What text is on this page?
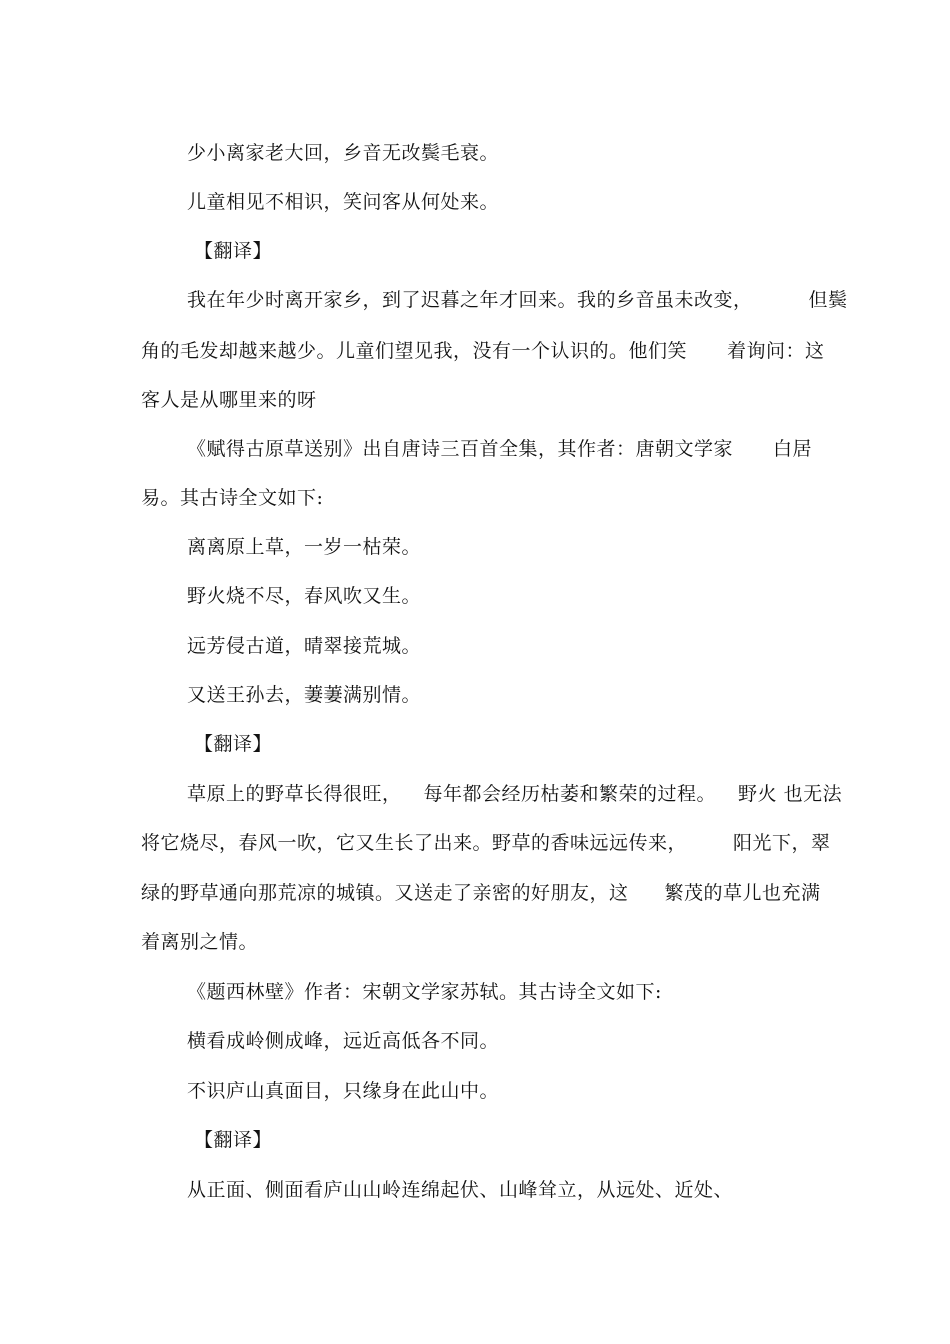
少小离家老大回，乡音无改鬓毛衰。
儿童相见不相识，笑问客从何处来。
【翻译】
我在年少时离开家乡，到了迟暮之年才回来。我的乡音虽未改变，	但鬓
角的毛发却越来越少。儿童们望见我，没有一个认识的。他们笑 着询问：这
客人是从哪里来的呀
《赋得古原草送别》出自唐诗三百首全集，其作者：唐朝文学家 白居
易。其古诗全文如下:
离离原上草，一岁一枯荣。
野火烧不尽，春风吹又生。
远芳侵古道，晴翠接荒城。
又送王孙去，萋萋满别情。
【翻译】
草原上的野草长得很旺， 每年都会经历枯萎和繁荣的过程。 野火 也无法
将它烧尽，春风一吹，它又生长了出来。野草的香味远远传来， 阳光下，翠
绿的野草通向那荒凉的城镇。又送走了亲密的好朋友，这 繁茂的草儿也充满
着离别之情。
《题西林壁》作者：宋朝文学家苏轼。其古诗全文如下:
横看成岭侧成峰，远近高低各不同。
不识庐山真面目，只缘身在此山中。
【翻译】
从正面、侧面看庐山山岭连绵起伏、山峰耸立，从远处、近处、
